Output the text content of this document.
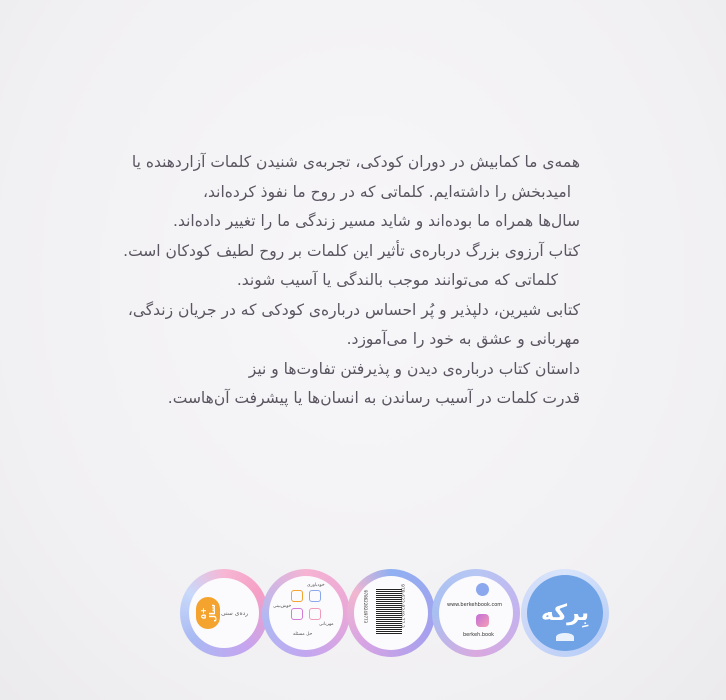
همه‌ی ما کمابیش در دوران کودکی، تجربه‌ی شنیدن کلمات آزاردهنده یا
امیدبخش را داشته‌ایم. کلماتی که در روح ما نفوذ کرده‌اند،
سال‌ها همراه ما بوده‌اند و شاید مسیر زندگی ما را تغییر داده‌اند.
کتاب آرزوی بزرگ درباره‌ی تأثیر این کلمات بر روح لطیف کودکان است.
کلماتی که می‌توانند موجب بالندگی یا آسیب شوند.
کتابی شیرین، دلپذیر و پُر احساس درباره‌ی کودکی که در جریان زندگی،
مهربانی و عشق به خود را می‌آموزد.
داستان کتاب درباره‌ی دیدن و پذیرفتن تفاوت‌ها و نیز
قدرت کلمات در آسیب رساندن به انسان‌ها یا پیشرفت آن‌هاست.
۵+ سال رده‌ی سنی
خودباوری
خوش‌بینی
مهربانی
حل مسئله
978-622-8249-77-3
9786228249773	www.berkehbook.com
berkeh.book
بِرکه
